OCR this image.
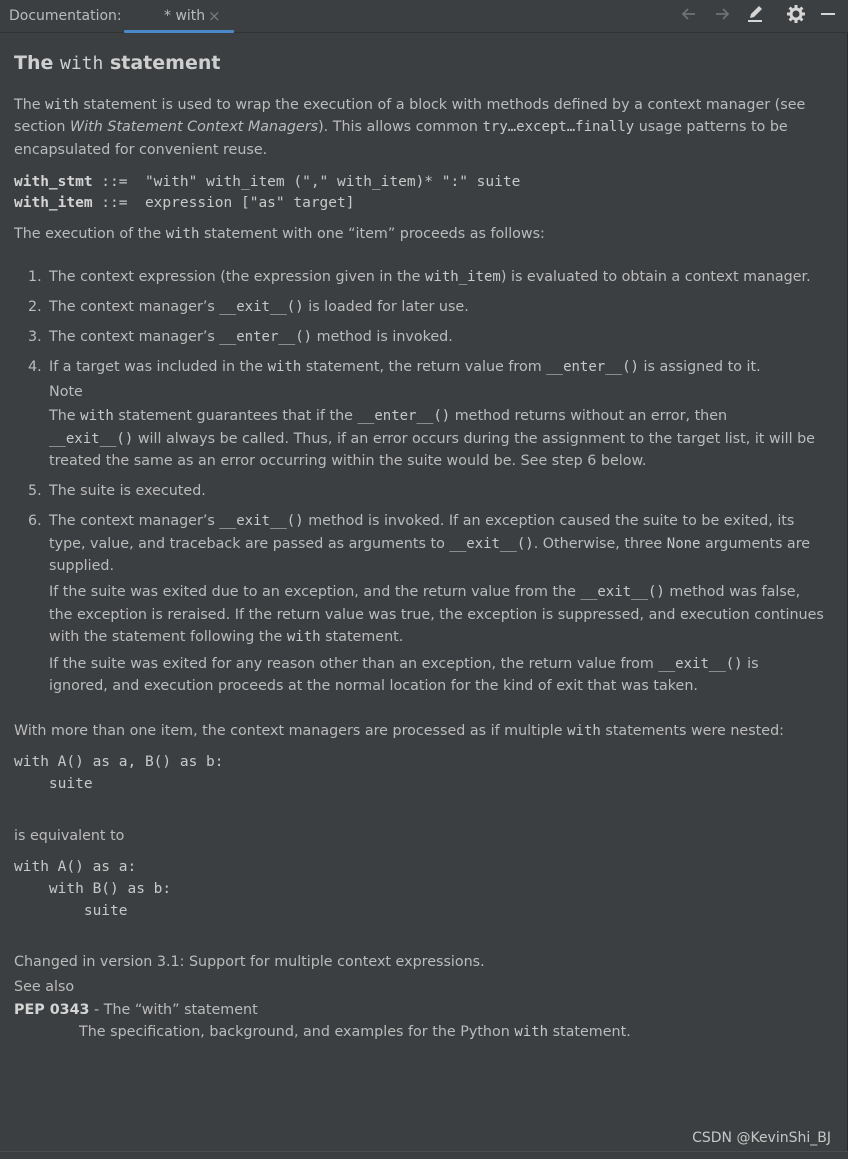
Documentation:	* with ×
The with statement
The with statement is used to wrap the execution of a block with methods defined by a context manager (see
section With Statement Context Managers). This allows common try…except…finally usage patterns to be
encapsulated for convenient reuse.
with_stmt ::=  "with" with_item ("," with_item)* ":" suite
with_item ::=  expression ["as" target]
The execution of the with statement with one “item” proceeds as follows:
1. The context expression (the expression given in the with_item) is evaluated to obtain a context manager.
2. The context manager’s __exit__() is loaded for later use.
3. The context manager’s __enter__() method is invoked.
4. If a target was included in the with statement, the return value from __enter__() is assigned to it.
Note
The with statement guarantees that if the __enter__() method returns without an error, then
__exit__() will always be called. Thus, if an error occurs during the assignment to the target list, it will be
treated the same as an error occurring within the suite would be. See step 6 below.
5. The suite is executed.
6. The context manager’s __exit__() method is invoked. If an exception caused the suite to be exited, its
type, value, and traceback are passed as arguments to __exit__(). Otherwise, three None arguments are
supplied.
If the suite was exited due to an exception, and the return value from the __exit__() method was false,
the exception is reraised. If the return value was true, the exception is suppressed, and execution continues
with the statement following the with statement.
If the suite was exited for any reason other than an exception, the return value from __exit__() is
ignored, and execution proceeds at the normal location for the kind of exit that was taken.
With more than one item, the context managers are processed as if multiple with statements were nested:
with A() as a, B() as b:
suite
is equivalent to
with A() as a:
with B() as b:
suite
Changed in version 3.1: Support for multiple context expressions.
See also
PEP 0343 - The “with” statement
The specification, background, and examples for the Python with statement.
CSDN @KevinShi_BJ
